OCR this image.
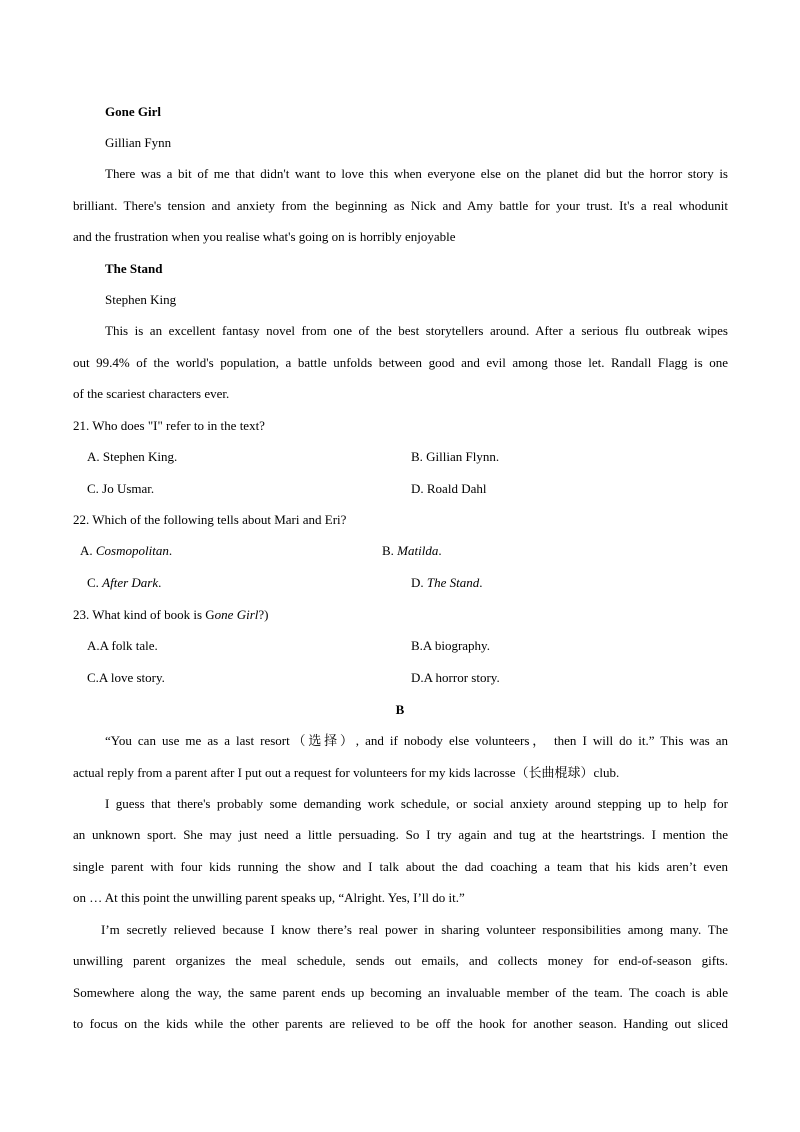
Gone Girl
Gillian Fynn
There was a bit of me that didn't want to love this when everyone else on the planet did but the horror story is
brilliant. There's tension and anxiety from the beginning as Nick and Amy battle for your trust. It's a real whodunit
and the frustration when you realise what's going on is horribly enjoyable
The Stand
Stephen King
This is an excellent fantasy novel from one of the best storytellers around. After a serious flu outbreak wipes
out 99.4% of the world's population, a battle unfolds between good and evil among those let. Randall Flagg is one
of the scariest characters ever.
21. Who does "I" refer to in the text?
A. Stephen King.	B. Gillian Flynn.
C. Jo Usmar.	D. Roald Dahl
22. Which of the following tells about Mari and Eri?
A. Cosmopolitan.	B. Matilda.
C. After Dark.	D. The Stand.
23. What kind of book is Gone Girl?)
A.A folk tale.	B.A biography.
C.A love story.	D.A horror story.
B
“You can use me as a last resort（选择）, and if nobody else volunteers， then I will do it.” This was an
actual reply from a parent after I put out a request for volunteers for my kids lacrosse（长曲棍球）club.
I guess that there's probably some demanding work schedule, or social anxiety around stepping up to help for
an unknown sport. She may just need a little persuading. So I try again and tug at the heartstrings. I mention the
single parent with four kids running the show and I talk about the dad coaching a team that his kids aren’t even
on … At this point the unwilling parent speaks up, “Alright. Yes, I’ll do it.”
I’m secretly relieved because I know there’s real power in sharing volunteer responsibilities among many. The
unwilling parent organizes the meal schedule, sends out emails, and collects money for end-of-season gifts.
Somewhere along the way, the same parent ends up becoming an invaluable member of the team. The coach is able
to focus on the kids while the other parents are relieved to be off the hook for another season. Handing out sliced
